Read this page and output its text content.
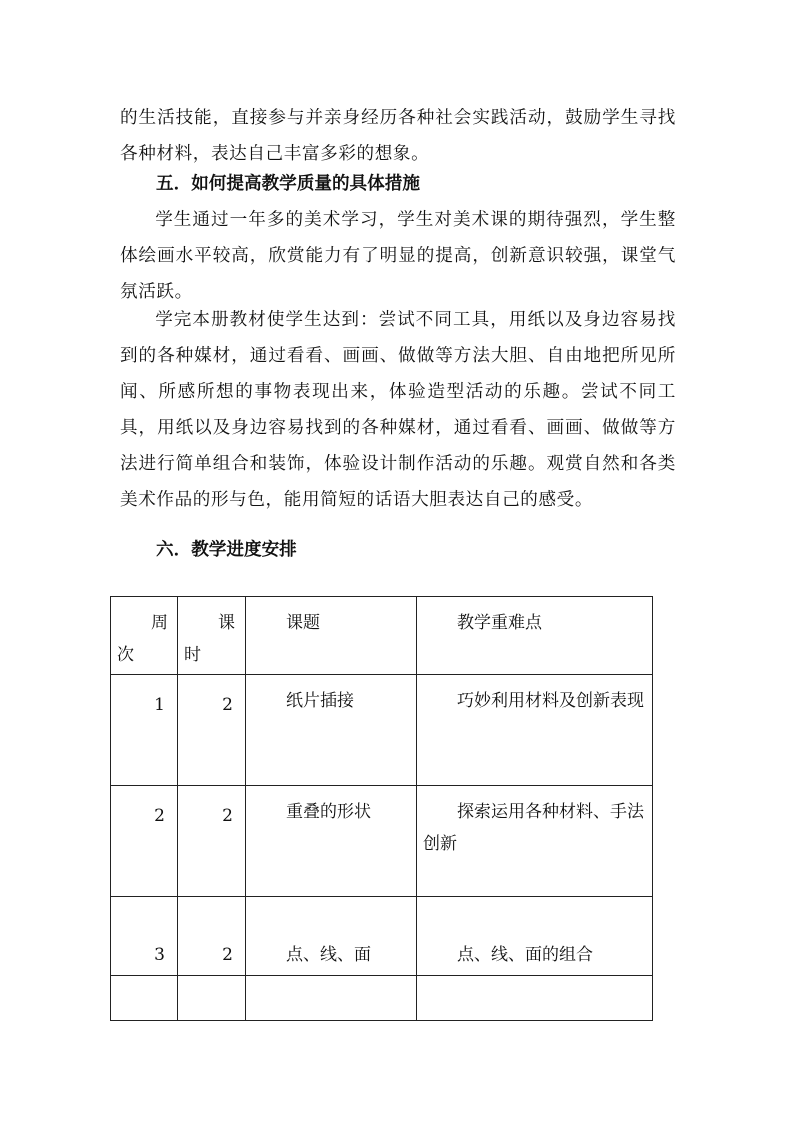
的生活技能，直接参与并亲身经历各种社会实践活动，鼓励学生寻找各种材料，表达自己丰富多彩的想象。

五．如何提高教学质量的具体措施

学生通过一年多的美术学习，学生对美术课的期待强烈，学生整体绘画水平较高，欣赏能力有了明显的提高，创新意识较强，课堂气氛活跃。

学完本册教材使学生达到：尝试不同工具，用纸以及身边容易找到的各种媒材，通过看看、画画、做做等方法大胆、自由地把所见所闻、所感所想的事物表现出来，体验造型活动的乐趣。尝试不同工具，用纸以及身边容易找到的各种媒材，通过看看、画画、做做等方法进行简单组合和装饰，体验设计制作活动的乐趣。观赏自然和各类美术作品的形与色，能用简短的话语大胆表达自己的感受。

六．教学进度安排

周次	课时	课题	教学重难点

1	2	纸片插接	巧妙利用材料及创新表现

2	2	重叠的形状	探索运用各种材料、手法创新

3	2	点、线、面	点、线、面的组合
